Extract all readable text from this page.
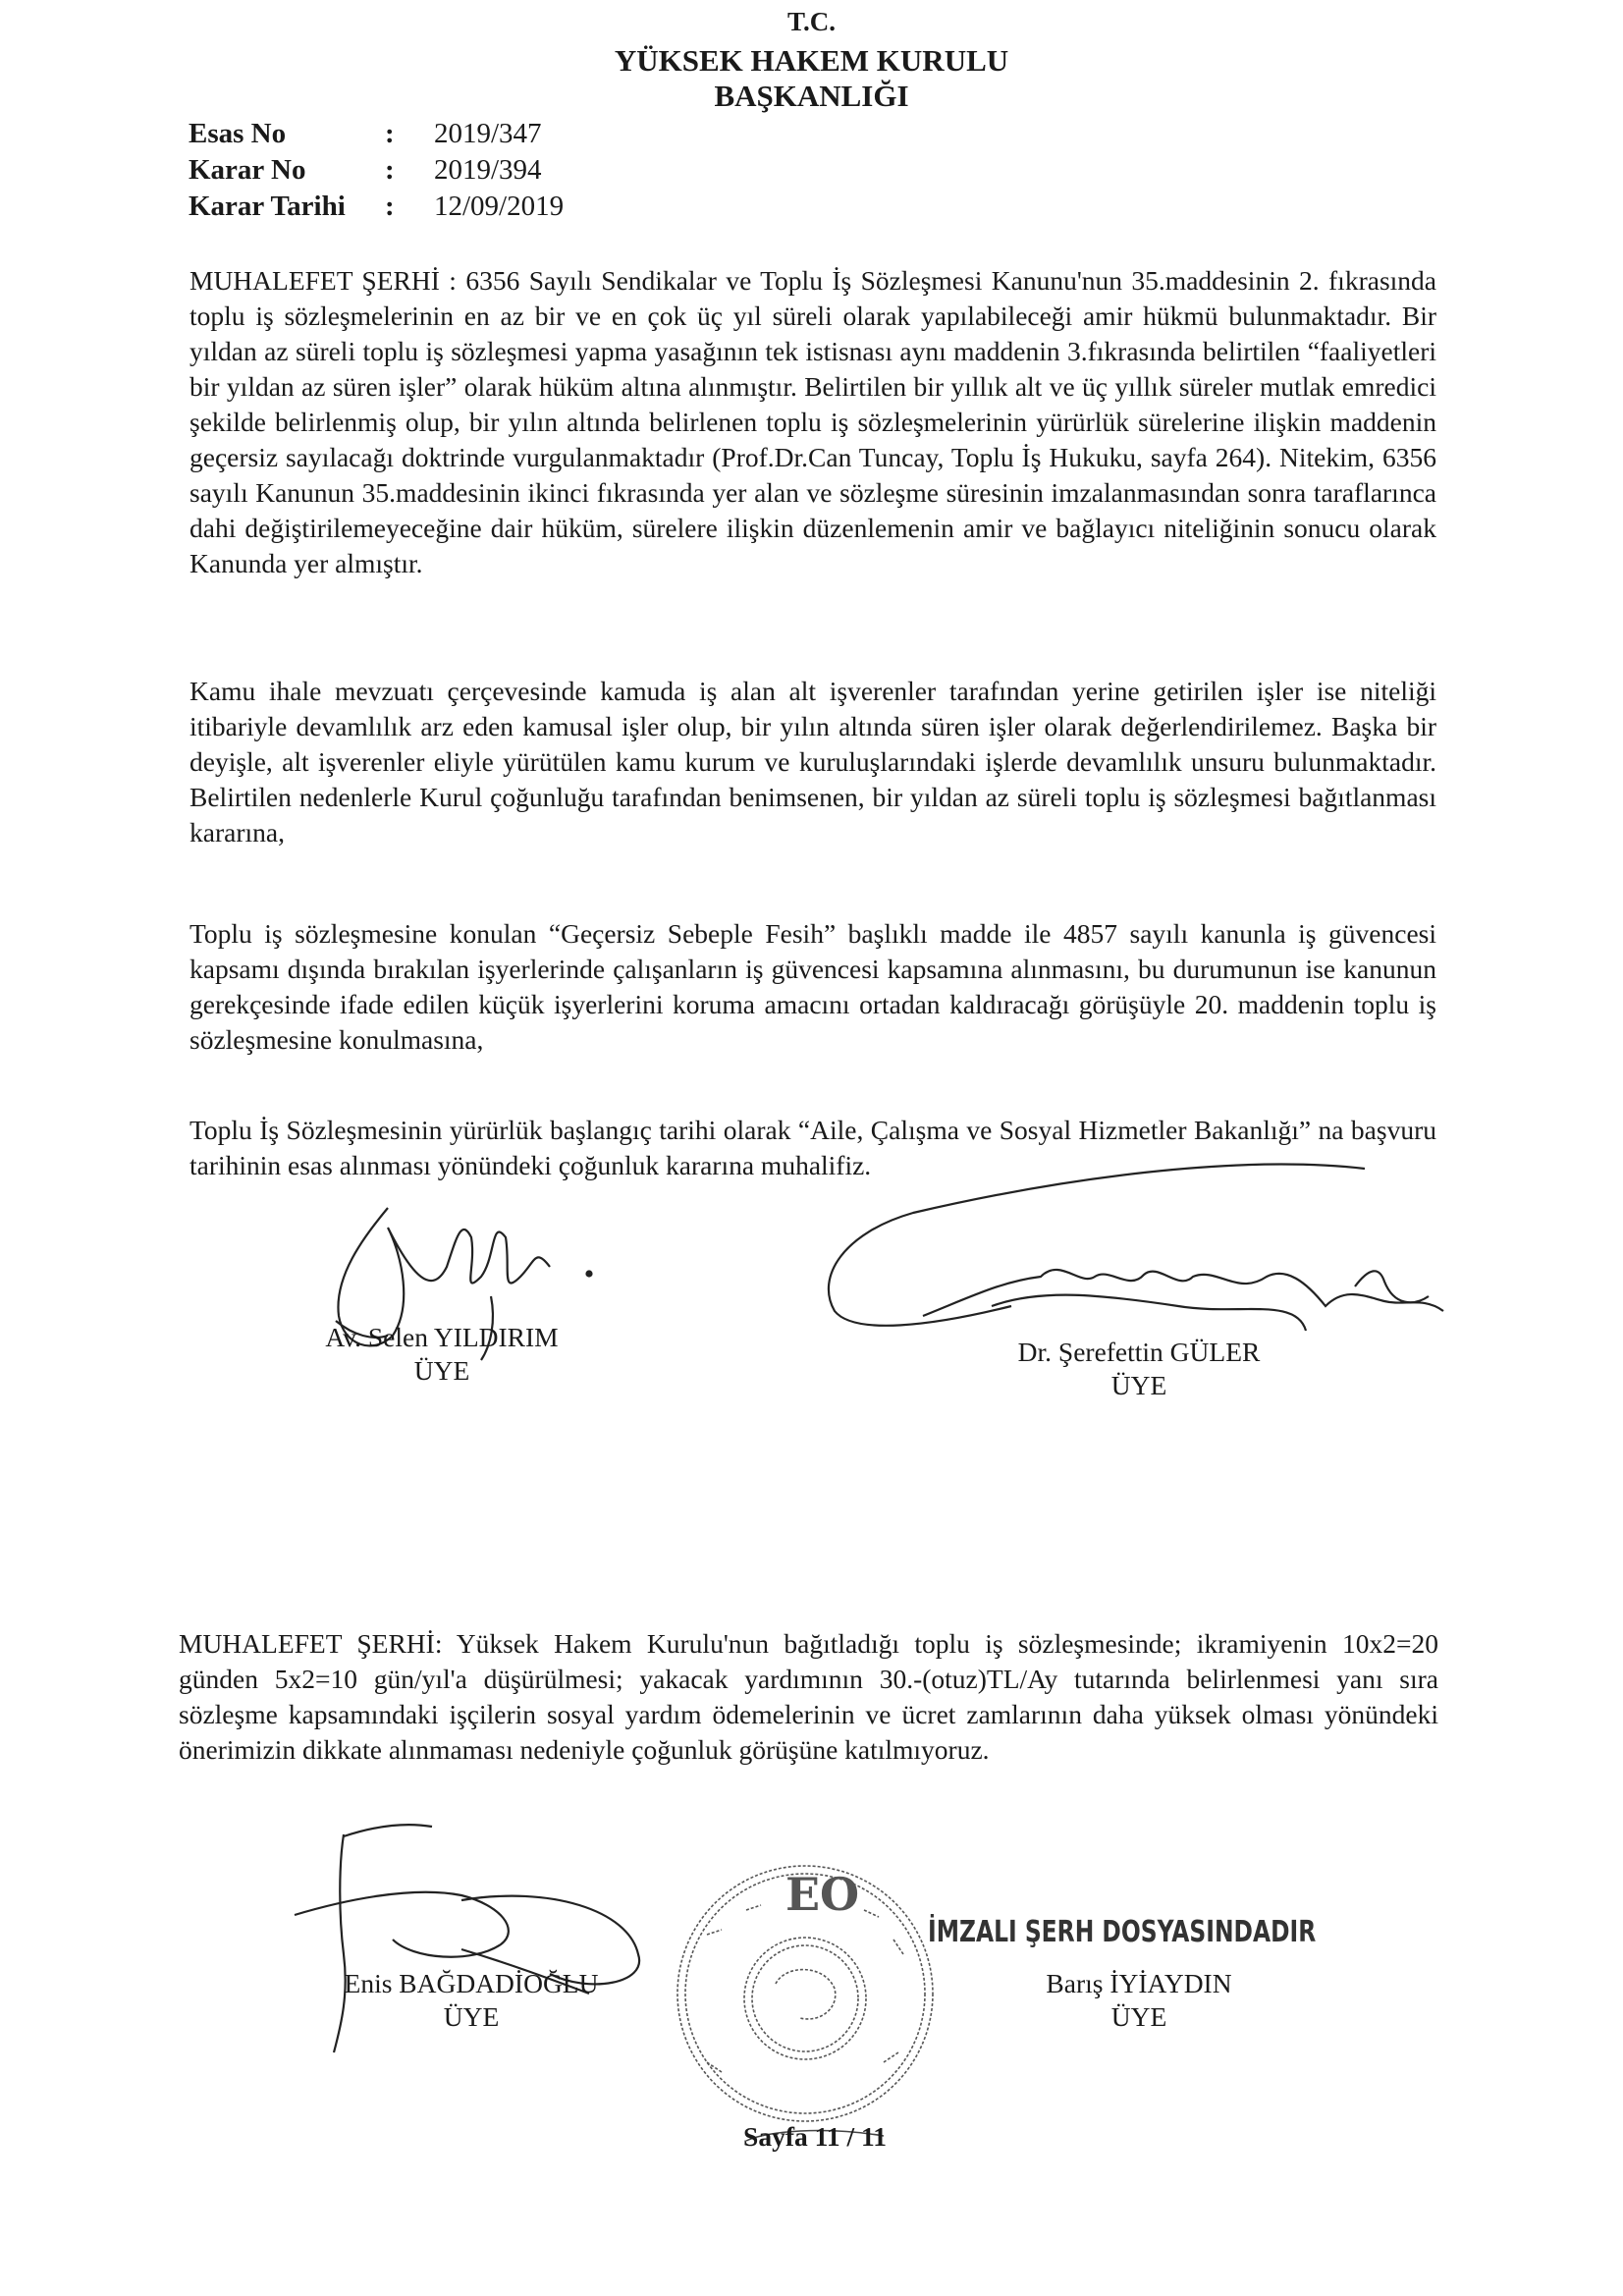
T.C.
YÜKSEK HAKEM KURULU
BAŞKANLIĞI
Esas No	:	2019/347
Karar No	:	2019/394
Karar Tarihi	:	12/09/2019
MUHALEFET ŞERHİ : 6356 Sayılı Sendikalar ve Toplu İş Sözleşmesi Kanunu'nun 35.maddesinin 2. fıkrasında toplu iş sözleşmelerinin en az bir ve en çok üç yıl süreli olarak yapılabileceği amir hükmü bulunmaktadır. Bir yıldan az süreli toplu iş sözleşmesi yapma yasağının tek istisnası aynı maddenin 3.fıkrasında belirtilen “faaliyetleri bir yıldan az süren işler” olarak hüküm altına alınmıştır. Belirtilen bir yıllık alt ve üç yıllık süreler mutlak emredici şekilde belirlenmiş olup, bir yılın altında belirlenen toplu iş sözleşmelerinin yürürlük sürelerine ilişkin maddenin geçersiz sayılacağı doktrinde vurgulanmaktadır (Prof.Dr.Can Tuncay, Toplu İş Hukuku, sayfa 264). Nitekim, 6356 sayılı Kanunun 35.maddesinin ikinci fıkrasında yer alan ve sözleşme süresinin imzalanmasından sonra taraflarınca dahi değiştirilemeyeceğine dair hüküm, sürelere ilişkin düzenlemenin amir ve bağlayıcı niteliğinin sonucu olarak Kanunda yer almıştır.
Kamu ihale mevzuatı çerçevesinde kamuda iş alan alt işverenler tarafından yerine getirilen işler ise niteliği itibariyle devamlılık arz eden kamusal işler olup, bir yılın altında süren işler olarak değerlendirilemez. Başka bir deyişle, alt işverenler eliyle yürütülen kamu kurum ve kuruluşlarındaki işlerde devamlılık unsuru bulunmaktadır. Belirtilen nedenlerle Kurul çoğunluğu tarafından benimsenen, bir yıldan az süreli toplu iş sözleşmesi bağıtlanması kararına,
Toplu iş sözleşmesine konulan “Geçersiz Sebeple Fesih” başlıklı madde ile 4857 sayılı kanunla iş güvencesi kapsamı dışında bırakılan işyerlerinde çalışanların iş güvencesi kapsamına alınmasını, bu durumunun ise kanunun gerekçesinde ifade edilen küçük işyerlerini koruma amacını ortadan kaldıracağı görüşüyle 20. maddenin toplu iş sözleşmesine konulmasına,
Toplu İş Sözleşmesinin yürürlük başlangıç tarihi olarak “Aile, Çalışma ve Sosyal Hizmetler Bakanlığı” na başvuru tarihinin esas alınması yönündeki çoğunluk kararına muhalifiz.
EO
Av. Selen YILDIRIM
ÜYE
Dr. Şerefettin GÜLER
ÜYE
MUHALEFET ŞERHİ: Yüksek Hakem Kurulu'nun bağıtladığı toplu iş sözleşmesinde; ikramiyenin 10x2=20 günden 5x2=10 gün/yıl'a düşürülmesi; yakacak yardımının 30.-(otuz)TL/Ay tutarında belirlenmesi yanı sıra sözleşme kapsamındaki işçilerin sosyal yardım ödemelerinin ve ücret zamlarının daha yüksek olması yönündeki önerimizin dikkate alınmaması nedeniyle çoğunluk görüşüne katılmıyoruz.
Enis BAĞDADİOĞLU
ÜYE
İMZALI ŞERH DOSYASINDADIR
Barış İYİAYDIN
ÜYE
Sayfa 11 / 11
